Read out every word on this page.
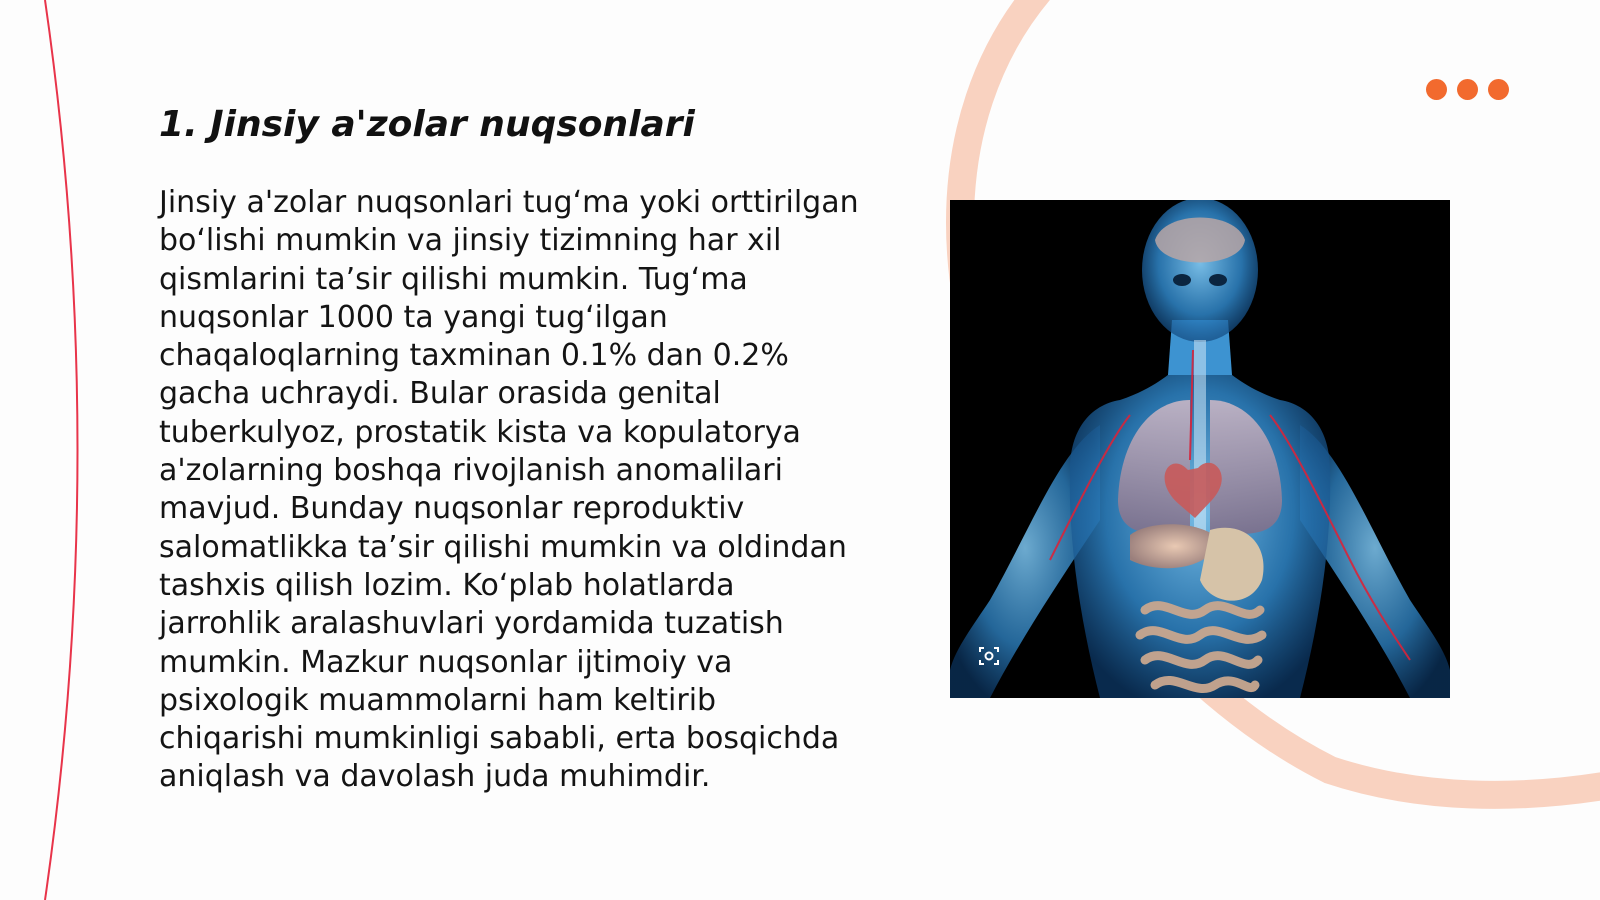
1. Jinsiy a'zolar nuqsonlari

Jinsiy a'zolar nuqsonlari tug‘ma yoki orttirilgan bo‘lishi mumkin va jinsiy tizimning har xil qismlarini ta’sir qilishi mumkin. Tug‘ma nuqsonlar 1000 ta yangi tug‘ilgan chaqaloqlarning taxminan 0.1% dan 0.2% gacha uchraydi. Bular orasida genital tuberkulyoz, prostatik kista va kopulatorya a'zolarning boshqa rivojlanish anomalilari mavjud. Bunday nuqsonlar reproduktiv salomatlikka ta’sir qilishi mumkin va oldindan tashxis qilish lozim. Ko‘plab holatlarda jarrohlik aralashuvlari yordamida tuzatish mumkin. Mazkur nuqsonlar ijtimoiy va psixologik muammolarni ham keltirib chiqarishi mumkinligi sababli, erta bosqichda aniqlash va davolash juda muhimdir.
